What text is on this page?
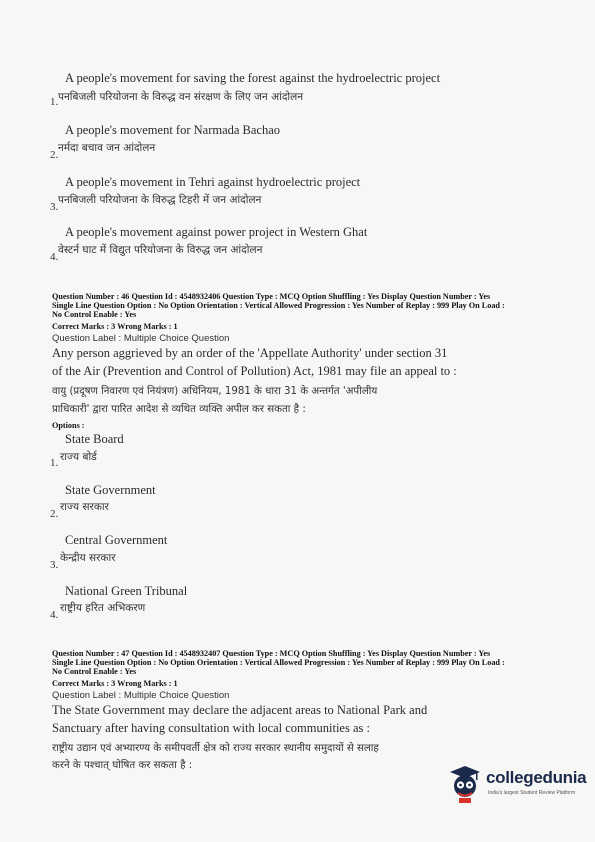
A people's movement for saving the forest against the hydroelectric project
1. पनबिजली परियोजना के विरुद्ध वन संरक्षण के लिए जन आंदोलन
A people's movement for Narmada Bachao
2.
नर्मदा बचाव जन आंदोलन
A people's movement in Tehri against hydroelectric project
3.
पनबिजली परियोजना के विरुद्ध टिहरी में जन आंदोलन
A people's movement against power project in Western Ghat
4.
वेस्टर्न घाट में विद्युत परियोजना के विरुद्ध जन आंदोलन
Question Number : 46 Question Id : 4548932406 Question Type : MCQ Option Shuffling : Yes Display Question Number : Yes
Single Line Question Option : No Option Orientation : Vertical Allowed Progression : Yes Number of Replay : 999 Play On Load :
No Control Enable : Yes
Correct Marks : 3 Wrong Marks : 1
Question Label : Multiple Choice Question
Any person aggrieved by an order of the 'Appellate Authority' under section 31
of the Air (Prevention and Control of Pollution) Act, 1981 may file an appeal to :
वायु (प्रदूषण निवारण एवं नियंत्रण) अधिनियम, 1981 के धारा 31 के अन्तर्गत 'अपीलीय
प्राधिकारी' द्वारा पारित आदेश से व्यथित व्यक्ति अपील कर सकता है :
Options :
State Board
1. राज्य बोर्ड
State Government
2.
राज्य सरकार
Central Government
3.
केन्द्रीय सरकार
National Green Tribunal
4.
राष्ट्रीय हरित अभिकरण
Question Number : 47 Question Id : 4548932407 Question Type : MCQ Option Shuffling : Yes Display Question Number : Yes
Single Line Question Option : No Option Orientation : Vertical Allowed Progression : Yes Number of Replay : 999 Play On Load :
No Control Enable : Yes
Correct Marks : 3 Wrong Marks : 1
Question Label : Multiple Choice Question
The State Government may declare the adjacent areas to National Park and
Sanctuary after having consultation with local communities as :
राष्ट्रीय उद्यान एवं अभ्यारण्य के समीपवर्ती क्षेत्र को राज्य सरकार स्थानीय समुदायों से सलाह
करने के पश्चात् घोषित कर सकता है :
collegedunia
India's largest Student Review Platform
